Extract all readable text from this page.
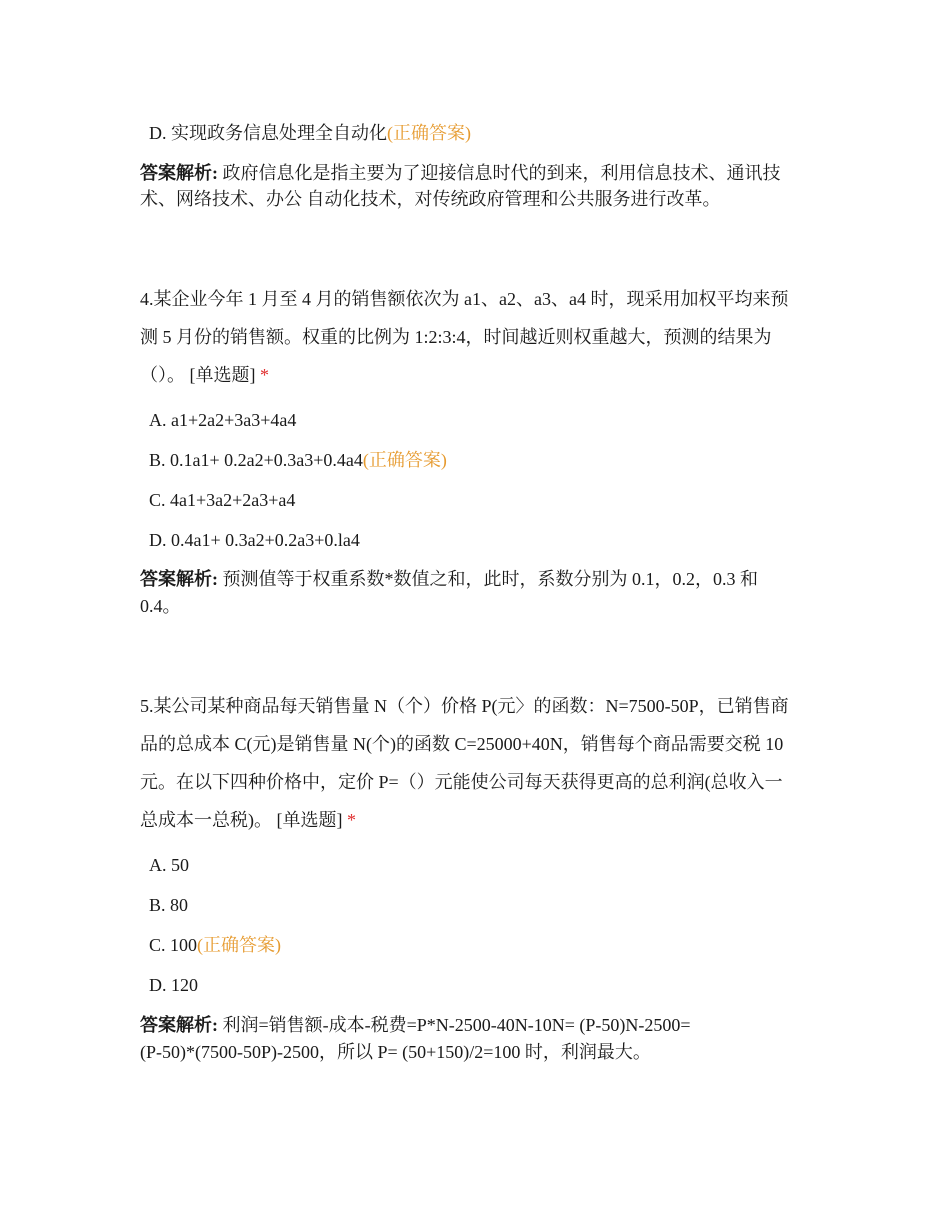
D. 实现政务信息处理全自动化(正确答案)
答案解析: 政府信息化是指主要为了迎接信息时代的到来，利用信息技术、通讯技
术、网络技术、办公 自动化技术，对传统政府管理和公共服务进行改革。
4.某企业今年 1 月至 4 月的销售额依次为 a1、a2、a3、a4 时，现采用加权平均来预
测 5 月份的销售额。权重的比例为 1:2:3:4，时间越近则权重越大，预测的结果为
（）。 [单选题] *
A. a1+2a2+3a3+4a4
B. 0.1a1+ 0.2a2+0.3a3+0.4a4(正确答案)
C. 4a1+3a2+2a3+a4
D. 0.4a1+ 0.3a2+0.2a3+0.la4
答案解析: 预测值等于权重系数*数值之和，此时，系数分别为 0.1，0.2，0.3 和
0.4。
5.某公司某种商品每天销售量 N（个）价格 P(元〉的函数：N=7500-50P，已销售商
品的总成本 C(元)是销售量 N(个)的函数 C=25000+40N，销售每个商品需要交税 10
元。在以下四种价格中，定价 P=（）元能使公司每天获得更高的总利润(总收入一
总成本一总税)。 [单选题] *
A. 50
B. 80
C. 100(正确答案)
D. 120
答案解析: 利润=销售额-成本-税费=P*N-2500-40N-10N= (P-50)N-2500=
(P-50)*(7500-50P)-2500，所以 P= (50+150)/2=100 时，利润最大。
